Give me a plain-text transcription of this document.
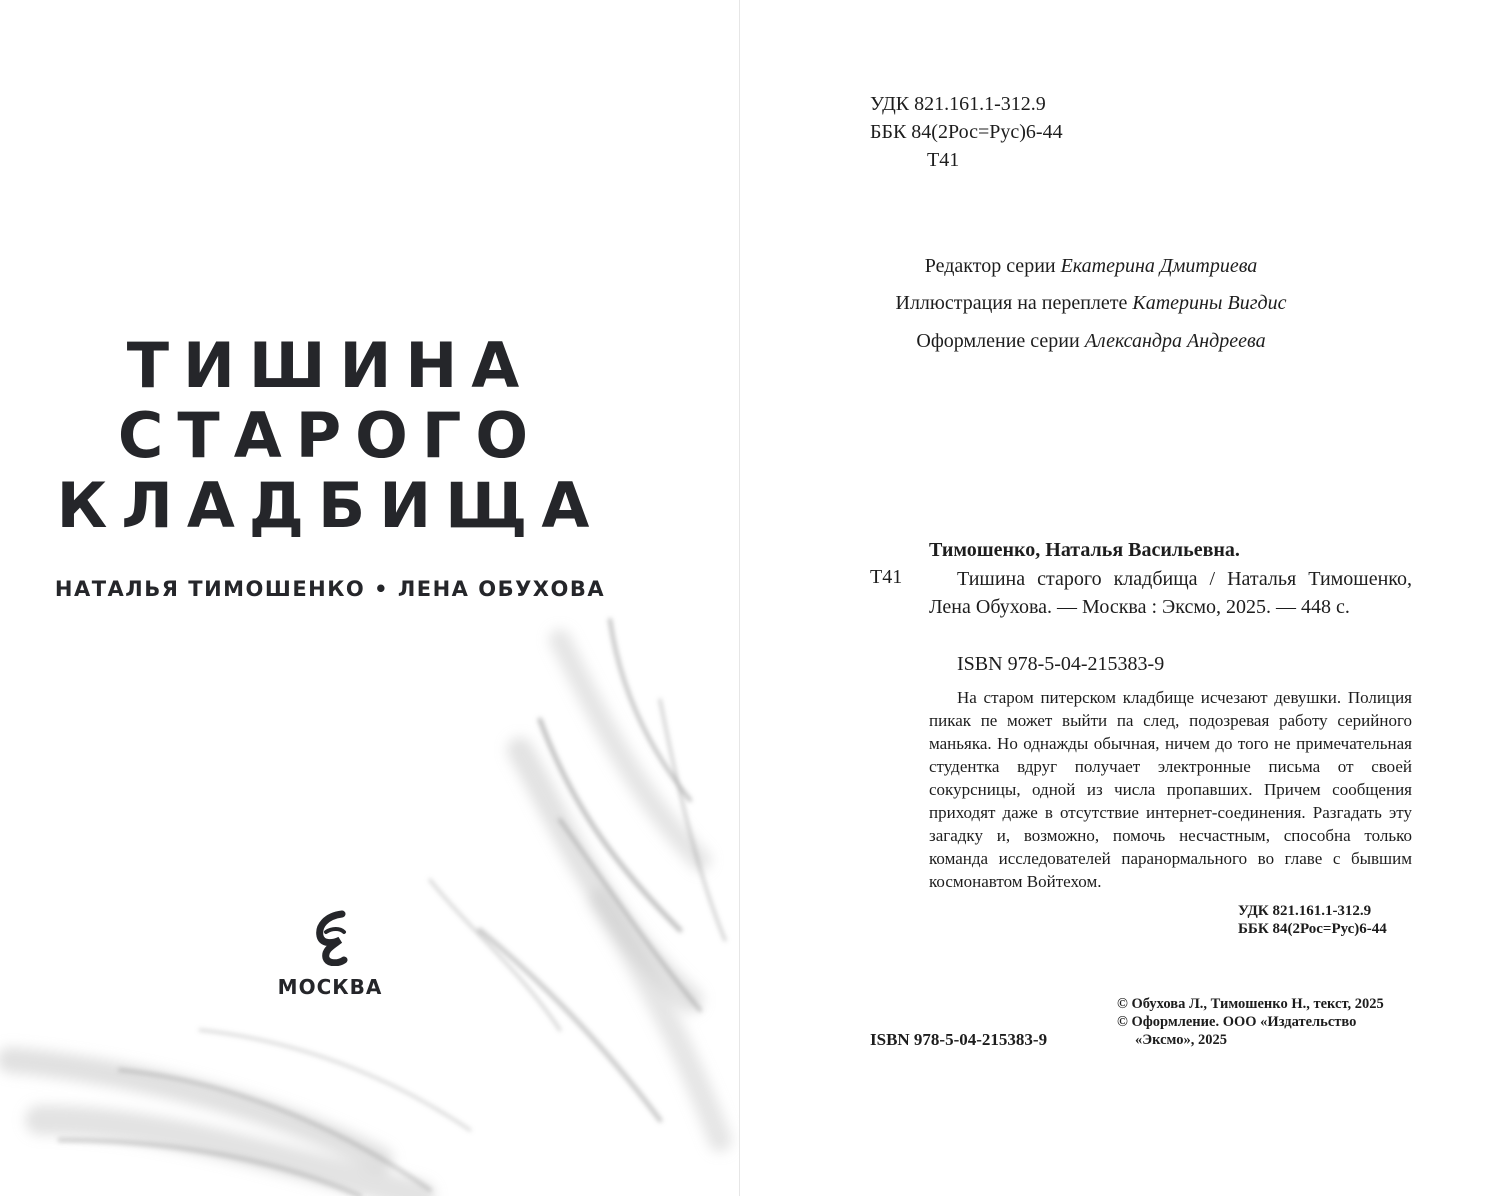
ТИШИНА
СТАРОГО
КЛАДБИЩА
НАТАЛЬЯ ТИМОШЕНКО • ЛЕНА ОБУХОВА
МОСКВА
УДК 821.161.1-312.9
ББК 84(2Рос=Рус)6-44
Т41
Редактор серии Екатерина Дмитриева
Иллюстрация на переплете Катерины Вигдис
Оформление серии Александра Андреева
Тимошенко, Наталья Васильевна.
Т41	Тишина старого кладбища / Наталья Тимошенко, Лена Обухова. — Москва : Эксмо, 2025. — 448 с.

ISBN 978-5-04-215383-9

На старом питерском кладбище исчезают девушки. Полиция пикак пе может выйти па след, подозревая работу серийного маньяка. Но однажды обычная, ничем до того не примечательная студентка вдруг получает электронные письма от своей сокурсницы, одной из числа пропавших. Причем сообщения приходят даже в отсутствие интернет-соединения. Разгадать эту загадку и, возможно, помочь несчастным, способна только команда исследователей паранормального во главе с бывшим космонавтом Войтехом.

УДК 821.161.1-312.9
ББК 84(2Рос=Рус)6-44
ISBN 978-5-04-215383-9
© Обухова Л., Тимошенко Н., текст, 2025
© Оформление. ООО «Издательство
«Эксмо», 2025
